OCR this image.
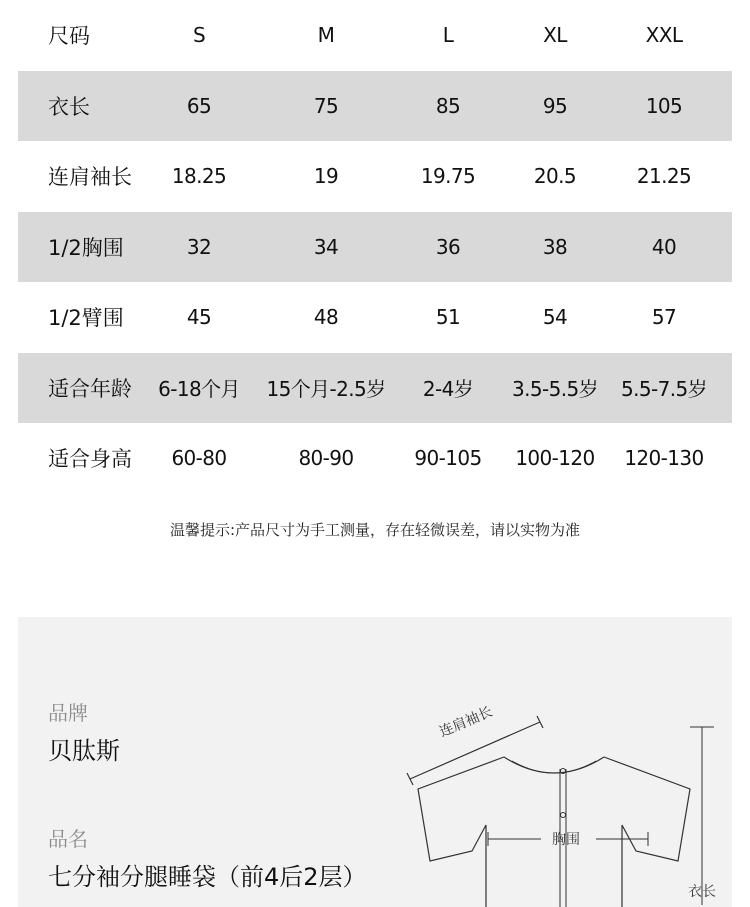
尺码	S	M	L	XL	XXL
衣长	65	75	85	95	105
连肩袖长	18.25	19	19.75	20.5	21.25
1/2胸围	32	34	36	38	40
1/2臂围	45	48	51	54	57
适合年龄	6-18个月	15个月-2.5岁	2-4岁	3.5-5.5岁	5.5-7.5岁
适合身高	60-80	80-90	90-105	100-120	120-130
温馨提示:产品尺寸为手工测量，存在轻微误差，请以实物为准
品牌
贝肽斯
品名
七分袖分腿睡袋（前4后2层）
连肩袖长
胸围
衣长
